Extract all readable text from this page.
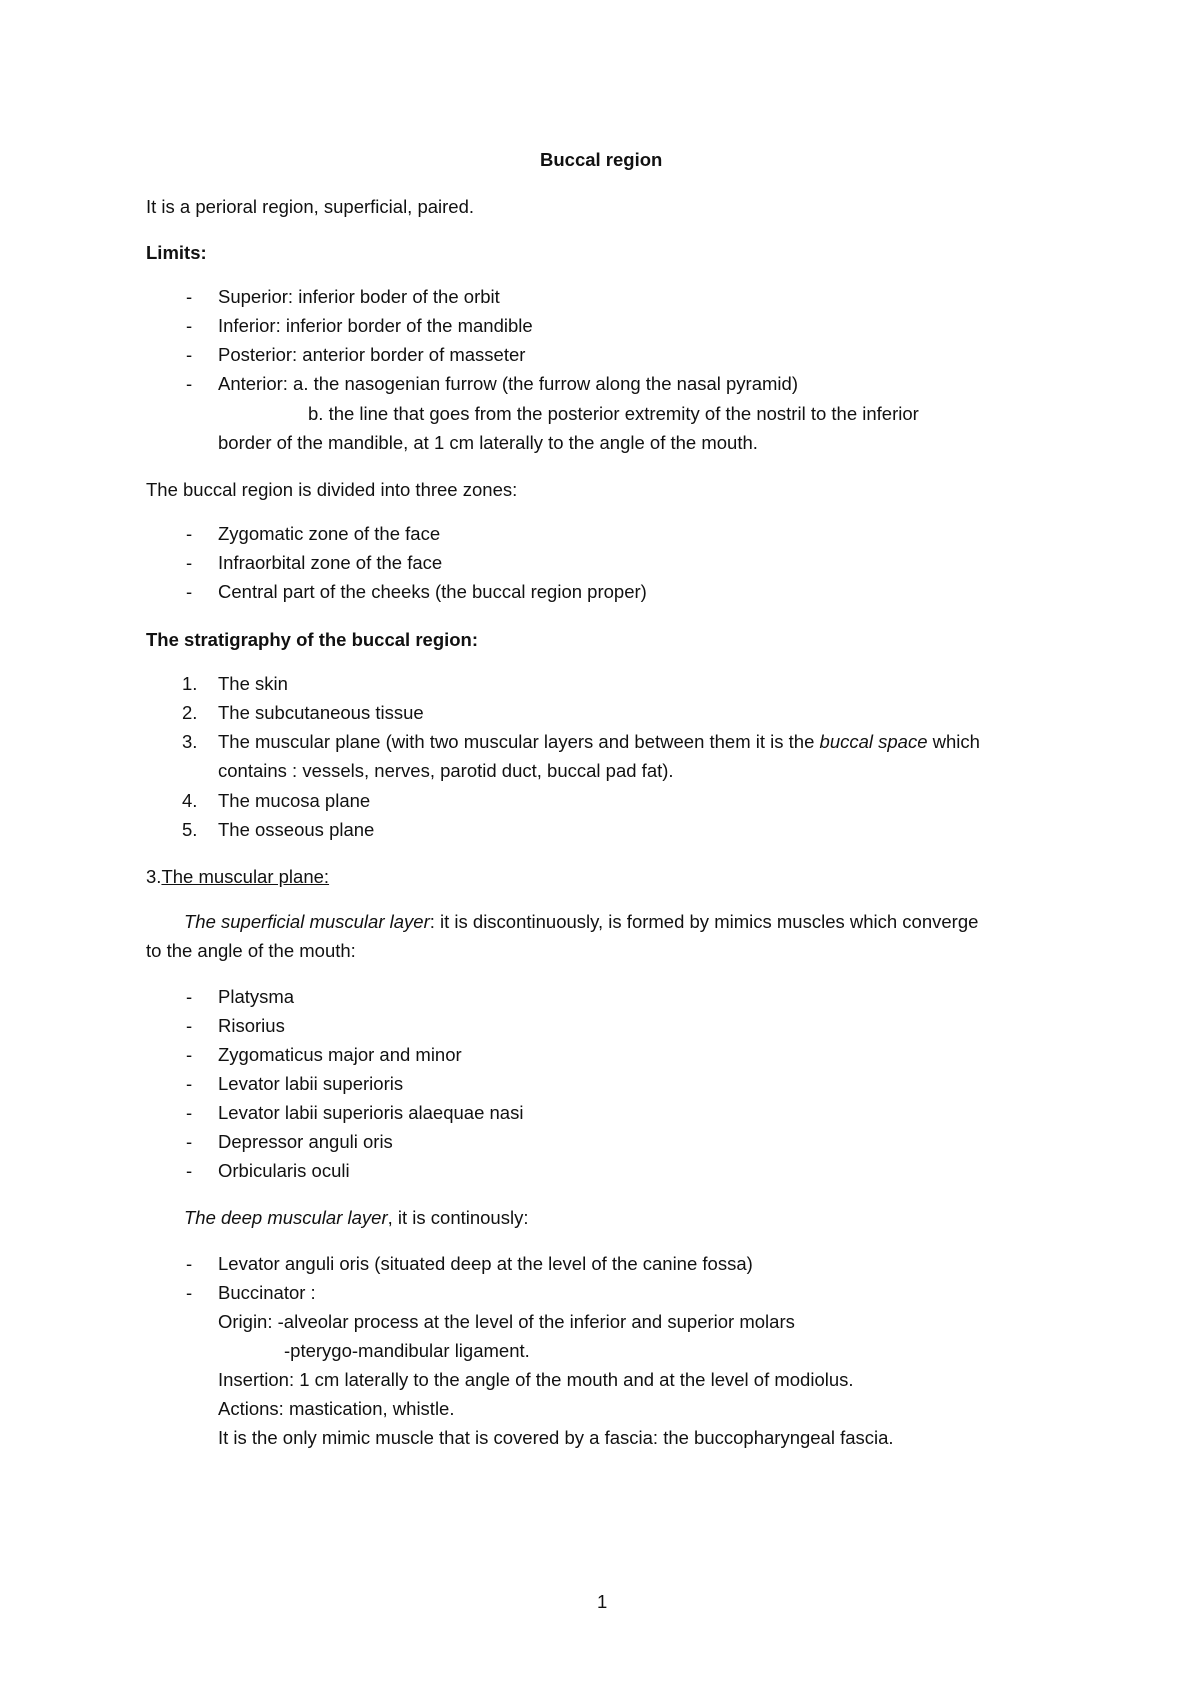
Buccal region
It is a perioral region, superficial, paired.
Limits:
- Superior: inferior boder of the orbit
- Inferior: inferior border of the mandible
- Posterior: anterior border of masseter
- Anterior: a. the nasogenian furrow (the furrow along the nasal pyramid)
b. the line that goes from the posterior extremity of the nostril to the inferior
border of the mandible, at 1 cm laterally to the angle of the mouth.
The buccal region is divided into three zones:
- Zygomatic zone of the face
- Infraorbital zone of the face
- Central part of the cheeks (the buccal region proper)
The stratigraphy of the buccal region:
1. The skin
2. The subcutaneous tissue
3. The muscular plane (with two muscular layers and between them it is the buccal space which
contains : vessels, nerves, parotid duct, buccal pad fat).
4. The mucosa plane
5. The osseous plane
3.The muscular plane:
The superficial muscular layer: it is discontinuously, is formed by mimics muscles which converge
to the angle of the mouth:
- Platysma
- Risorius
- Zygomaticus major and minor
- Levator labii superioris
- Levator labii superioris alaequae nasi
- Depressor anguli oris
- Orbicularis oculi
The deep muscular layer, it is continously:
- Levator anguli oris (situated deep at the level of the canine fossa)
- Buccinator :
Origin: -alveolar process at the level of the inferior and superior molars
-pterygo-mandibular ligament.
Insertion: 1 cm laterally to the angle of the mouth and at the level of modiolus.
Actions: mastication, whistle.
It is the only mimic muscle that is covered by a fascia: the buccopharyngeal fascia.
1
